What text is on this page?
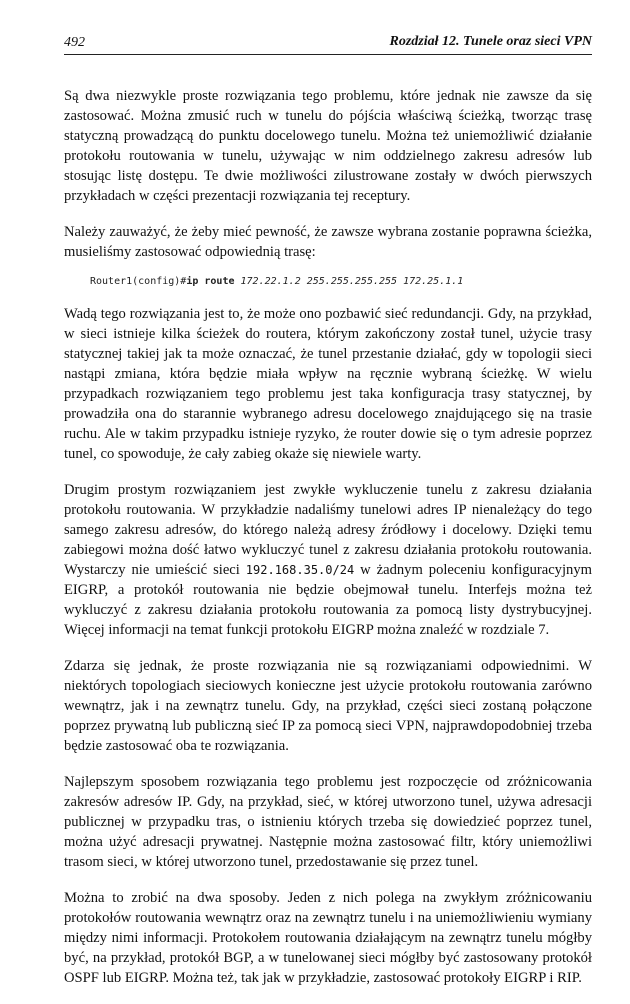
492	Rozdział 12. Tunele oraz sieci VPN

Są dwa niezwykle proste rozwiązania tego problemu, które jednak nie zawsze da się zastosować. Można zmusić ruch w tunelu do pójścia właściwą ścieżką, tworząc trasę statyczną prowadzącą do punktu docelowego tunelu. Można też uniemożliwić działanie protokołu routowania w tunelu, używając w nim oddzielnego zakresu adresów lub stosując listę dostępu. Te dwie możliwości zilustrowane zostały w dwóch pierwszych przykładach w części prezentacji rozwiązania tej receptury.

Należy zauważyć, że żeby mieć pewność, że zawsze wybrana zostanie poprawna ścieżka, musieliśmy zastosować odpowiednią trasę:

Router1(config)#ip route 172.22.1.2 255.255.255.255 172.25.1.1

Wadą tego rozwiązania jest to, że może ono pozbawić sieć redundancji. Gdy, na przykład, w sieci istnieje kilka ścieżek do routera, którym zakończony został tunel, użycie trasy statycznej takiej jak ta może oznaczać, że tunel przestanie działać, gdy w topologii sieci nastąpi zmiana, która będzie miała wpływ na ręcznie wybraną ścieżkę. W wielu przypadkach rozwiązaniem tego problemu jest taka konfiguracja trasy statycznej, by prowadziła ona do starannie wybranego adresu docelowego znajdującego się na trasie ruchu. Ale w takim przypadku istnieje ryzyko, że router dowie się o tym adresie poprzez tunel, co spowoduje, że cały zabieg okaże się niewiele warty.

Drugim prostym rozwiązaniem jest zwykłe wykluczenie tunelu z zakresu działania protokołu routowania. W przykładzie nadaliśmy tunelowi adres IP nienależący do tego samego zakresu adresów, do którego należą adresy źródłowy i docelowy. Dzięki temu zabiegowi można dość łatwo wykluczyć tunel z zakresu działania protokołu routowania. Wystarczy nie umieścić sieci 192.168.35.0/24 w żadnym poleceniu konfiguracyjnym EIGRP, a protokół routowania nie będzie obejmował tunelu. Interfejs można też wykluczyć z zakresu działania protokołu routowania za pomocą listy dystrybucyjnej. Więcej informacji na temat funkcji protokołu EIGRP można znaleźć w rozdziale 7.

Zdarza się jednak, że proste rozwiązania nie są rozwiązaniami odpowiednimi. W niektórych topologiach sieciowych konieczne jest użycie protokołu routowania zarówno wewnątrz, jak i na zewnątrz tunelu. Gdy, na przykład, części sieci zostaną połączone poprzez prywatną lub publiczną sieć IP za pomocą sieci VPN, najprawdopodobniej trzeba będzie zastosować oba te rozwiązania.

Najlepszym sposobem rozwiązania tego problemu jest rozpoczęcie od zróżnicowania zakresów adresów IP. Gdy, na przykład, sieć, w której utworzono tunel, używa adresacji publicznej w przypadku tras, o istnieniu których trzeba się dowiedzieć poprzez tunel, można użyć adresacji prywatnej. Następnie można zastosować filtr, który uniemożliwi trasom sieci, w której utworzono tunel, przedostawanie się przez tunel.

Można to zrobić na dwa sposoby. Jeden z nich polega na zwykłym zróżnicowaniu protokołów routowania wewnątrz oraz na zewnątrz tunelu i na uniemożliwieniu wymiany między nimi informacji. Protokołem routowania działającym na zewnątrz tunelu mógłby być, na przykład, protokół BGP, a w tunelowanej sieci mógłby być zastosowany protokół OSPF lub EIGRP. Można też, tak jak w przykładzie, zastosować protokoły EIGRP i RIP.
